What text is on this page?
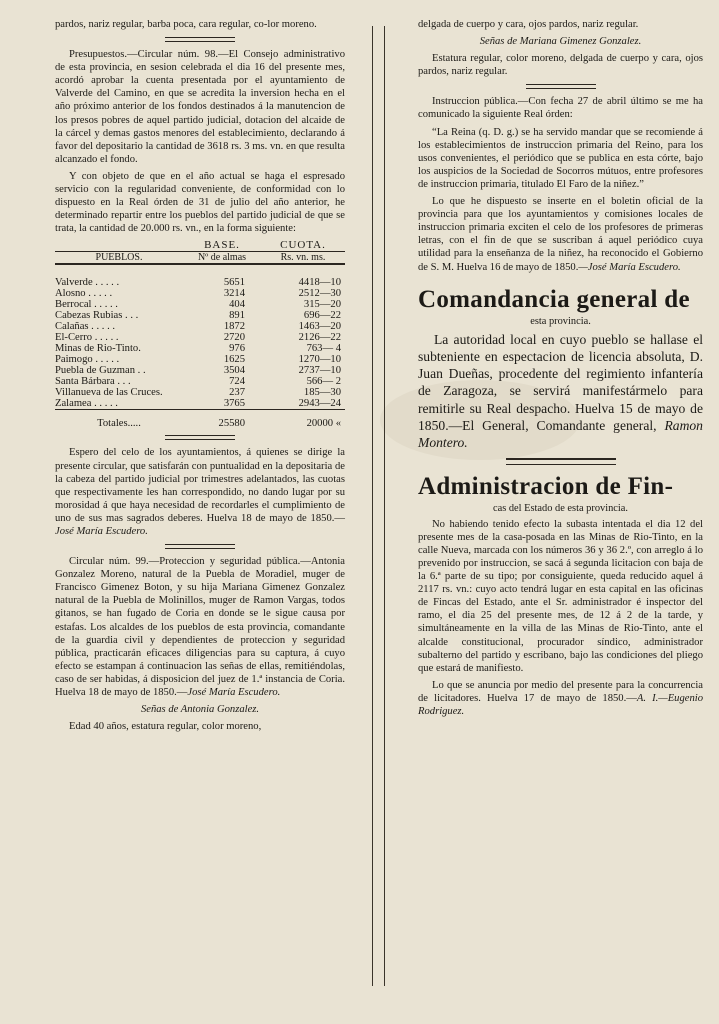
pardos, nariz regular, barba poca, cara regular, co-lor moreno.

Presupuestos.—Circular núm. 98.—El Consejo administrativo de esta provincia, en sesion celebrada el dia 16 del presente mes, acordó aprobar la cuenta presentada por el ayuntamiento de Valverde del Camino, en que se acredita la inversion hecha en el año próximo anterior de los fondos destinados á la manutencion de los presos pobres de aquel partido judicial, dotacion del alcaide de la cárcel y demas gastos menores del establecimiento, declarando á favor del depositario la cantidad de 3618 rs. 3 ms. vn. en que resulta alcanzado el fondo.

Y con objeto de que en el año actual se haga el espresado servicio con la regularidad conveniente, de conformidad con lo dispuesto en la Real órden de 31 de julio del año anterior, he determinado repartir entre los pueblos del partido judicial de que se trata, la cantidad de 20.000 rs. vn., en la forma siguiente:

	BASE.	CUOTA.
PUEBLOS.	Nº de almas	Rs. vn. ms.
Valverde . . . . .	5651	4418—10
Alosno . . . . .	3214	2512—30
Berrocal . . . . .	404	315—20
Cabezas Rubias . . .	891	696—22
Calañas . . . . .	1872	1463—20
El-Cerro . . . . .	2720	2126—22
Minas de Rio-Tinto.	976	763— 4
Paimogo . . . . .	1625	1270—10
Puebla de Guzman . .	3504	2737—10
Santa Bárbara . . .	724	566— 2
Villanueva de las Cruces.	237	185—30
Zalamea . . . . .	3765	2943—24
Totales.....	25580	20000 «

Espero del celo de los ayuntamientos, á quienes se dirige la presente circular, que satisfarán con puntualidad en la depositaria de la cabeza del partido judicial por trimestres adelantados, las cuotas que respectivamente les han correspondido, no dando lugar por su morosidad á que haya necesidad de recordarles el cumplimiento de uno de sus mas sagrados deberes. Huelva 18 de mayo de 1850.—José María Escudero.

Circular núm. 99.—Proteccion y seguridad pública.—Antonia Gonzalez Moreno, natural de la Puebla de Moradiel, muger de Francisco Gimenez Boton, y su hija Mariana Gimenez Gonzalez natural de la Puebla de Molinillos, muger de Ramon Vargas, todos gitanos, se han fugado de Coria en donde se le sigue causa por estafas. Los alcaldes de los pueblos de esta provincia, comandante de la guardia civil y dependientes de proteccion y seguridad pública, practicarán eficaces diligencias para su captura, á cuyo efecto se estampan á continuacion las señas de ellas, remitiéndolas, caso de ser habidas, á disposicion del juez de 1.ª instancia de Coria. Huelva 18 de mayo de 1850.—José María Escudero.

Señas de Antonia Gonzalez.

Edad 40 años, estatura regular, color moreno,

delgada de cuerpo y cara, ojos pardos, nariz regular.

Señas de Mariana Gimenez Gonzalez.

Estatura regular, color moreno, delgada de cuerpo y cara, ojos pardos, nariz regular.

Instruccion pública.—Con fecha 27 de abril último se me ha comunicado la siguiente Real órden:

“La Reina (q. D. g.) se ha servido mandar que se recomiende á los establecimientos de instruccion primaria del Reino, para los usos convenientes, el periódico que se publica en esta córte, bajo los auspicios de la Sociedad de Socorros mútuos, entre profesores de instruccion primaria, titulado El Faro de la niñez.”

Lo que he dispuesto se inserte en el boletin oficial de la provincia para que los ayuntamientos y comisiones locales de instruccion primaria exciten el celo de los profesores de primeras letras, con el fin de que se suscriban á aquel periódico cuya utilidad para la enseñanza de la niñez, ha reconocido el Gobierno de S. M. Huelva 16 de mayo de 1850.—José María Escudero.

Comandancia general de
esta provincia.

La autoridad local en cuyo pueblo se hallase el subteniente en espectacion de licencia absoluta, D. Juan Dueñas, procedente del regimiento infantería de Zaragoza, se servirá manifestármelo para remitirle su Real despacho. Huelva 15 de mayo de 1850.—El General, Comandante general, Ramon Montero.

Administracion de Fin-
cas del Estado de esta provincia.

No habiendo tenido efecto la subasta intentada el dia 12 del presente mes de la casa-posada en las Minas de Rio-Tinto, en la calle Nueva, marcada con los números 36 y 36 2.º, con arreglo á lo prevenido por instruccion, se sacá á segunda licitacion con baja de la 6.ª parte de su tipo; por consiguiente, queda reducido aquel á 2117 rs. vn.: cuyo acto tendrá lugar en esta capital en las oficinas de Fincas del Estado, ante el Sr. administrador é inspector del ramo, el dia 25 del presente mes, de 12 á 2 de la tarde, y simultáneamente en la villa de las Minas de Rio-Tinto, ante el alcalde constitucional, procurador síndico, administrador subalterno del partido y escribano, bajo las condiciones del pliego que estará de manifiesto.

Lo que se anuncia por medio del presente para la concurrencia de licitadores. Huelva 17 de mayo de 1850.—A. I.—Eugenio Rodriguez.
